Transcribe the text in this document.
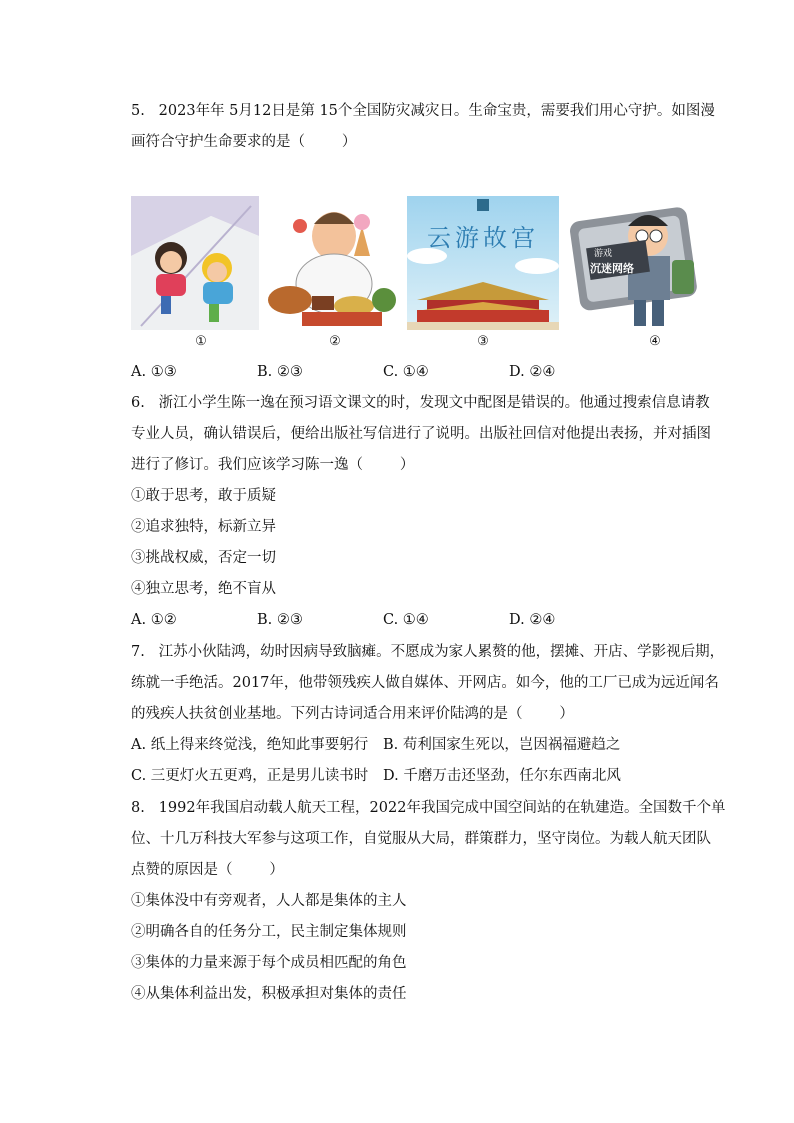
5.   2023年年 5月12日是第 15个全国防灾减灾日。生命宝贵，需要我们用心守护。如图漫
画符合守护生命要求的是（        ）
云游故宫
游戏
沉迷网络
①	②	③	④
A. ①③	B. ②③	C. ①④	D. ②④
6.   浙江小学生陈一逸在预习语文课文的时，发现文中配图是错误的。他通过搜索信息请教
专业人员，确认错误后，便给出版社写信进行了说明。出版社回信对他提出表扬，并对插图
进行了修订。我们应该学习陈一逸（        ）
①敢于思考，敢于质疑
②追求独特，标新立异
③挑战权威，否定一切
④独立思考，绝不盲从
A. ①②	B. ②③	C. ①④	D. ②④
7.   江苏小伙陆鸿，幼时因病导致脑瘫。不愿成为家人累赘的他，摆摊、开店、学影视后期，
练就一手绝活。2017年，他带领残疾人做自媒体、开网店。如今，他的工厂已成为远近闻名
的残疾人扶贫创业基地。下列古诗词适合用来评价陆鸿的是（        ）
A. 纸上得来终觉浅，绝知此事要躬行 B. 苟利国家生死以，岂因祸福避趋之
C. 三更灯火五更鸡，正是男儿读书时 D. 千磨万击还坚劲，任尔东西南北风
8.   1992年我国启动载人航天工程，2022年我国完成中国空间站的在轨建造。全国数千个单
位、十几万科技大军参与这项工作，自觉服从大局，群策群力，坚守岗位。为载人航天团队
点赞的原因是（        ）
①集体没中有旁观者，人人都是集体的主人
②明确各自的任务分工，民主制定集体规则
③集体的力量来源于每个成员相匹配的角色
④从集体利益出发，积极承担对集体的责任
